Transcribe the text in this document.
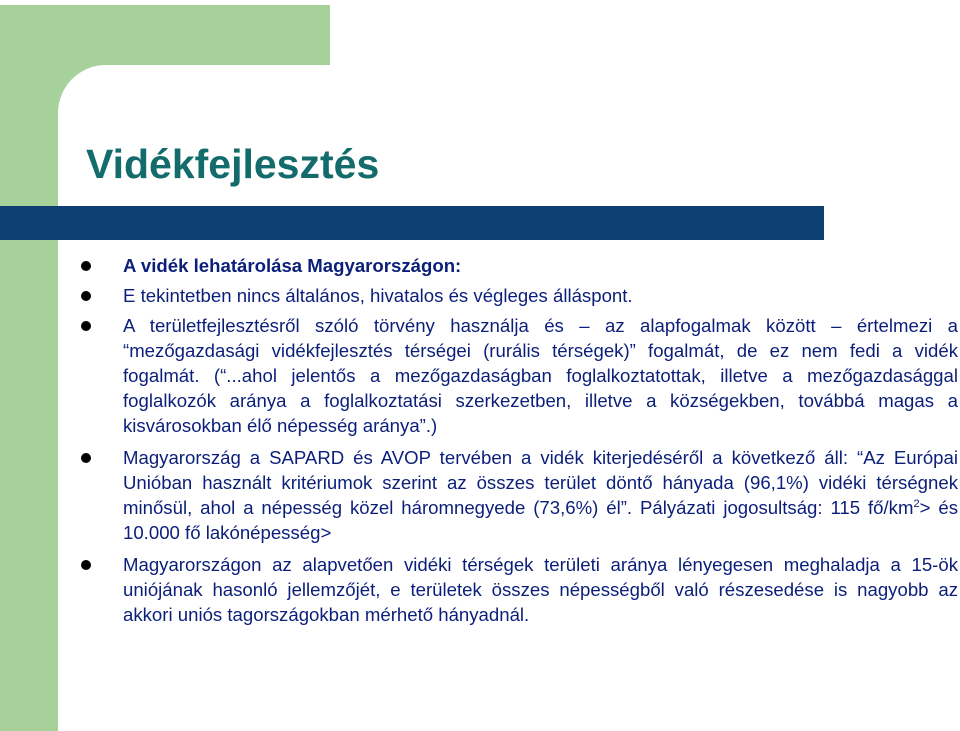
Vidékfejlesztés
A vidék lehatárolása Magyarországon:
E tekintetben nincs általános, hivatalos és végleges álláspont.
A területfejlesztésről szóló törvény használja és – az alapfogalmak között – értelmezi a “mezőgazdasági vidékfejlesztés térségei (rurális térségek)” fogalmát, de ez nem fedi a vidék fogalmát. (“...ahol jelentős a mezőgazdaságban foglalkoztatottak, illetve a mezőgazdasággal foglalkozók aránya a foglalkoztatási szerkezetben, illetve a községekben, továbbá magas a kisvárosokban élő népesség aránya”.)
Magyarország a SAPARD és AVOP tervében a vidék kiterjedéséről a következő áll: “Az Európai Unióban használt kritériumok szerint az összes terület döntő hányada (96,1%) vidéki térségnek minősül, ahol a népesség közel háromnegyede (73,6%) él”. Pályázati jogosultság: 115 $fő/km^2>$ és 10.000 fő lakónépesség>
Magyarországon az alapvetően vidéki térségek területi aránya lényegesen meghaladja a 15-ök uniójának hasonló jellemzőjét, e területek összes népességből való részesedése is nagyobb az akkori uniós tagországokban mérhető hányadnál.
